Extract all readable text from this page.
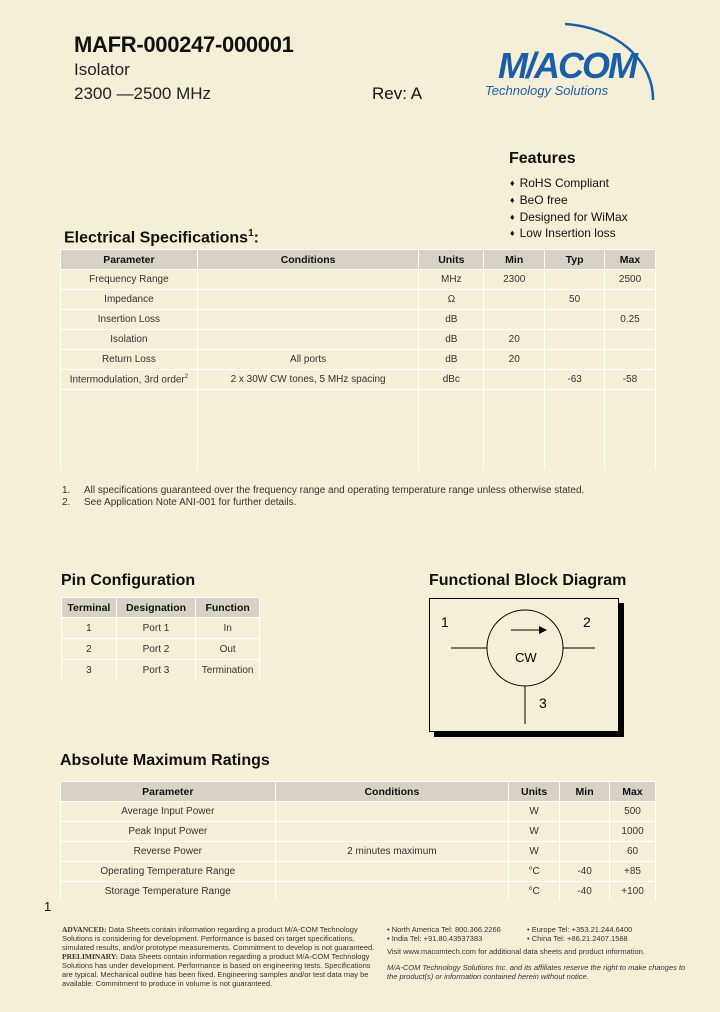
MAFR-000247-000001
Isolator
2300 —2500 MHz	Rev: A
M/ACOM
Technology Solutions
Features
♦ RoHS Compliant
♦ BeO free
♦ Designed for WiMax
♦ Low Insertion loss
Electrical Specifications$^1$:
Parameter	Conditions	Units	Min	Typ	Max
Frequency Range		MHz	2300		2500
Impedance		Ω		50	
Insertion Loss		dB			0.25
Isolation		dB	20		
Return Loss	All ports	dB	20		
Intermodulation, 3rd order$^2$	2 x 30W CW tones, 5 MHz spacing	dBc		-63	-58

1. All specifications guaranteed over the frequency range and operating temperature range unless otherwise stated.
2. See Application Note ANI-001 for further details.
Pin Configuration
Terminal	Designation	Function
1	Port 1	In
2	Port 2	Out
3	Port 3	Termination
Functional Block Diagram
1	2
3
CW
Absolute Maximum Ratings
Parameter	Conditions	Units	Min	Max
Average Input Power		W		500
Peak Input Power		W		1000
Reverse Power	2 minutes maximum	W		60
Operating Temperature Range		°C	-40	+85
Storage Temperature Range		°C	-40	+100
1
ADVANCED: Data Sheets contain information regarding a product M/A-COM Technology Solutions is considering for development. Performance is based on target specifications, simulated results, and/or prototype measurements. Commitment to develop is not guaranteed.
PRELIMINARY: Data Sheets contain information regarding a product M/A-COM Technology Solutions has under development. Performance is based on engineering tests. Specifications are typical. Mechanical outline has been fixed. Engineering samples and/or test data may be available. Commitment to produce in volume is not guaranteed.
• North America Tel: 800.366.2266	• Europe Tel: +353.21.244.6400
• India Tel: +91.80.43537383	• China Tel: +86.21.2407.1588
Visit www.macomtech.com for additional data sheets and product information.
M/A-COM Technology Solutions Inc. and its affiliates reserve the right to make changes to the product(s) or information contained herein without notice.
